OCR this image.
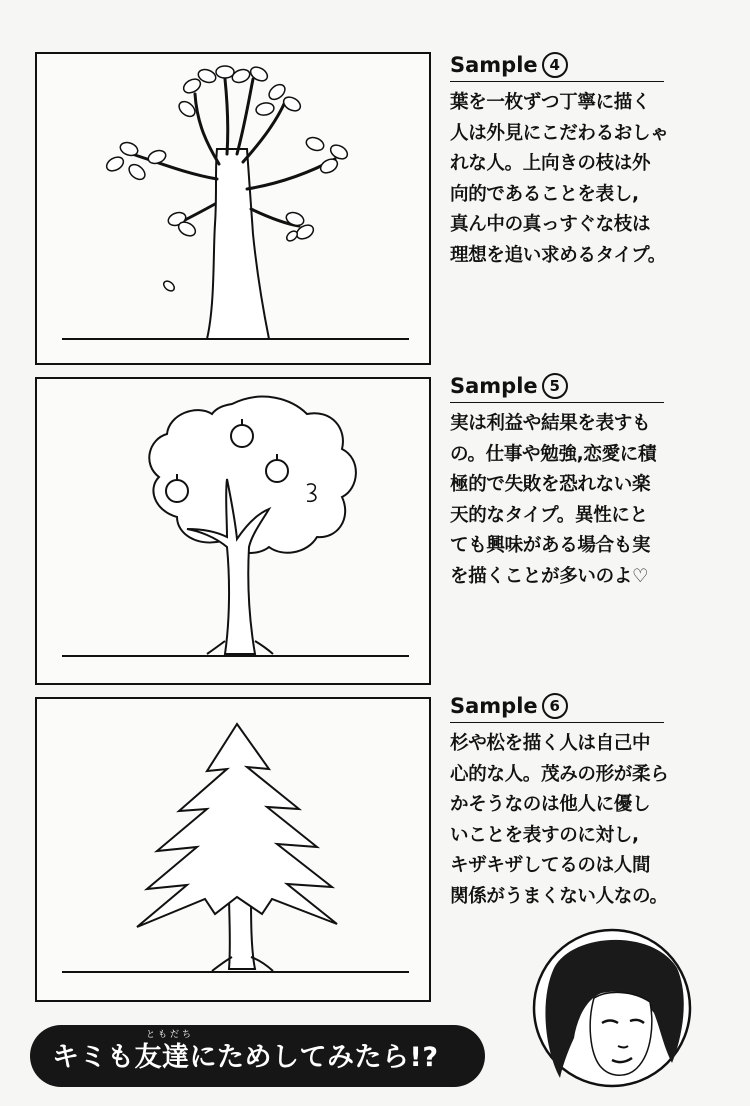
Sample 4
葉を一枚ずつ丁寧に描く
人は外見にこだわるおしゃ
れな人。上向きの枝は外
向的であることを表し,
真ん中の真っすぐな枝は
理想を追い求めるタイプ。
Sample 5
実は利益や結果を表すも
の。仕事や勉強,恋愛に積
極的で失敗を恐れない楽
天的なタイプ。異性にと
ても興味がある場合も実
を描くことが多いのよ♡
Sample 6
杉や松を描く人は自己中
心的な人。茂みの形が柔ら
かそうなのは他人に優し
いことを表すのに対し,
キザキザしてるのは人間
関係がうまくない人なの。
ともだち
キミも友達にためしてみたら!?
